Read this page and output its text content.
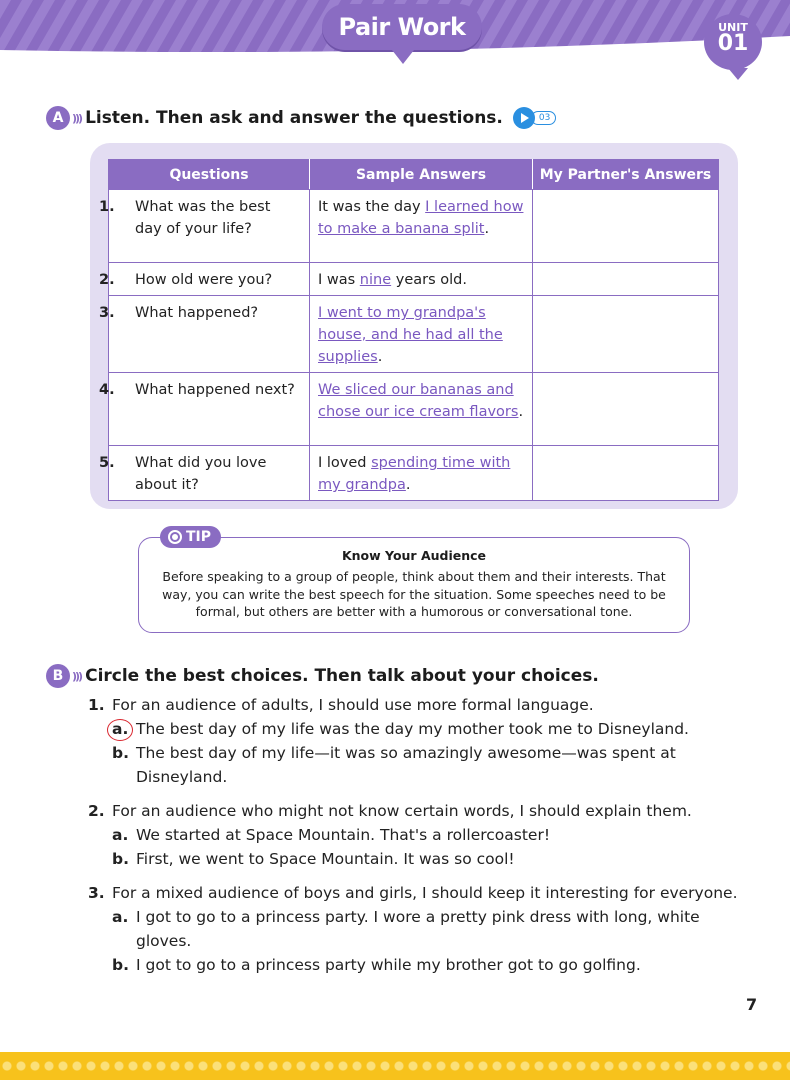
Pair Work	UNIT
01
A ))) Listen. Then ask and answer the questions.	03
Questions	Sample Answers	My Partner's Answers

1. What was the best day of your life?	It was the day I learned how to make a banana split.	

2. How old were you?	I was nine years old.	

3. What happened?	I went to my grandpa's house, and he had all the supplies.	

4. What happened next?	We sliced our bananas and chose our ice cream flavors.	

5. What did you love about it?	I loved spending time with my grandpa.	
TIP
Know Your Audience
Before speaking to a group of people, think about them and their interests. That way, you can write the best speech for the situation. Some speeches need to be formal, but others are better with a humorous or conversational tone.
B ))) Circle the best choices. Then talk about your choices.
1. For an audience of adults, I should use more formal language.
a. The best day of my life was the day my mother took me to Disneyland.
b. The best day of my life—it was so amazingly awesome—was spent at Disneyland.
2. For an audience who might not know certain words, I should explain them.
a. We started at Space Mountain. That's a rollercoaster!
b. First, we went to Space Mountain. It was so cool!
3. For a mixed audience of boys and girls, I should keep it interesting for everyone.
a. I got to go to a princess party. I wore a pretty pink dress with long, white gloves.
b. I got to go to a princess party while my brother got to go golfing.
7
